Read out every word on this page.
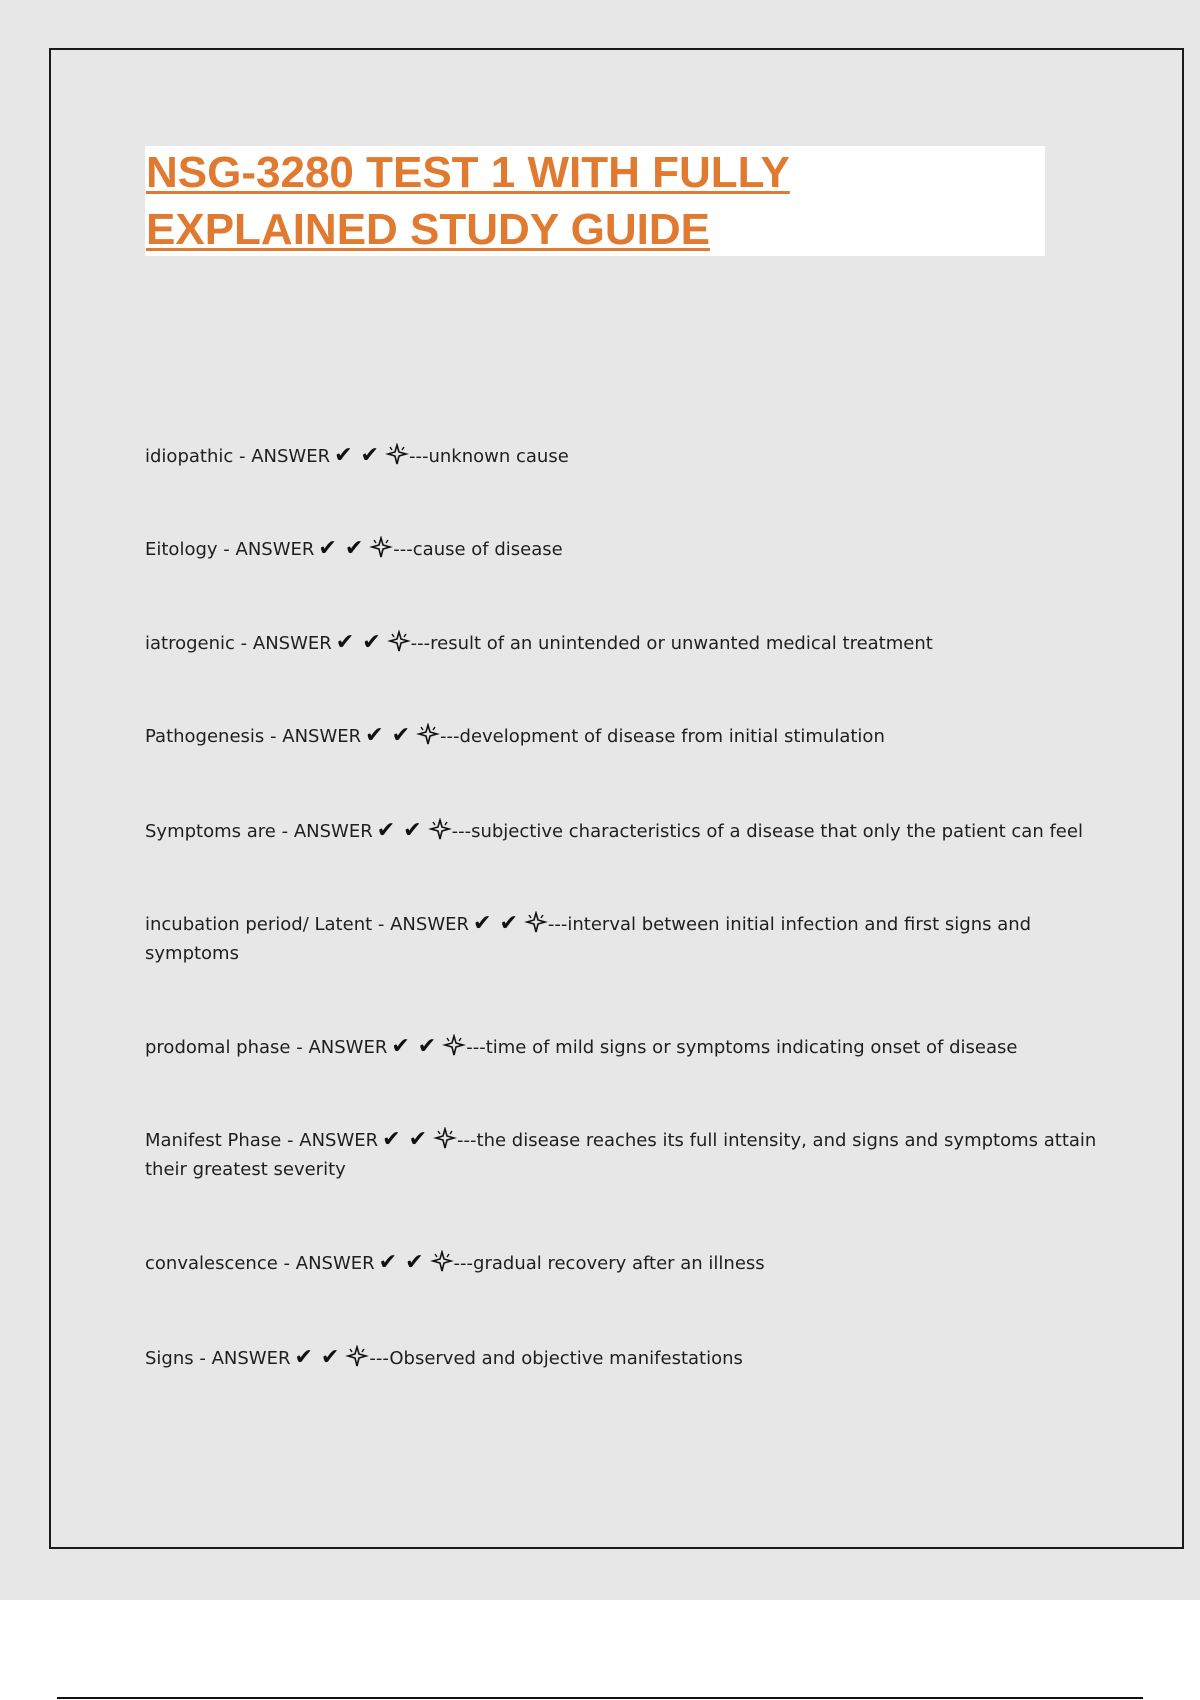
NSG-3280 TEST 1 WITH FULLY
EXPLAINED STUDY GUIDE
idiopathic - ANSWER ✔ ✔ ---unknown cause
Eitology - ANSWER ✔ ✔ ---cause of disease
iatrogenic - ANSWER ✔ ✔ ---result of an unintended or unwanted medical treatment
Pathogenesis - ANSWER ✔ ✔ ---development of disease from initial stimulation
Symptoms are - ANSWER ✔ ✔ ---subjective characteristics of a disease that only the patient can feel
incubation period/ Latent - ANSWER ✔ ✔ ---interval between initial infection and first signs and symptoms
prodomal phase - ANSWER ✔ ✔ ---time of mild signs or symptoms indicating onset of disease
Manifest Phase - ANSWER ✔ ✔ ---the disease reaches its full intensity, and signs and symptoms attain their greatest severity
convalescence - ANSWER ✔ ✔ ---gradual recovery after an illness
Signs - ANSWER ✔ ✔ ---Observed and objective manifestations
